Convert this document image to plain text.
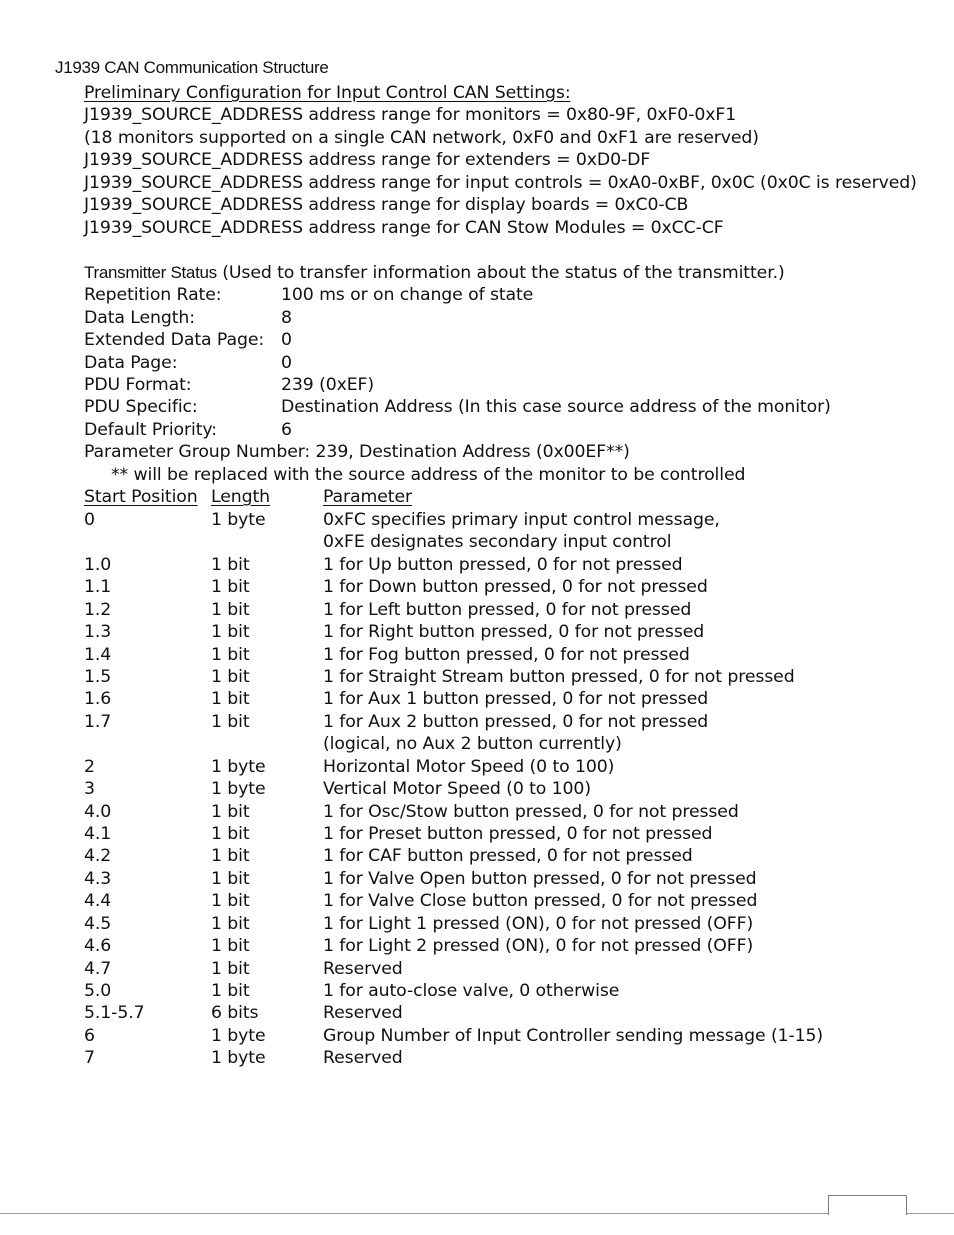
J1939 CAN Communication Structure
Preliminary Configuration for Input Control CAN Settings:
J1939_SOURCE_ADDRESS address range for monitors = 0x80-9F, 0xF0-0xF1
(18 monitors supported on a single CAN network, 0xF0 and 0xF1 are reserved)
J1939_SOURCE_ADDRESS address range for extenders = 0xD0-DF
J1939_SOURCE_ADDRESS address range for input controls = 0xA0-0xBF, 0x0C (0x0C is reserved)
J1939_SOURCE_ADDRESS address range for display boards = 0xC0-CB
J1939_SOURCE_ADDRESS address range for CAN Stow Modules = 0xCC-CF
Transmitter Status (Used to transfer information about the status of the transmitter.)
Repetition Rate:	100 ms or on change of state
Data Length:	8
Extended Data Page: 0
Data Page:	0
PDU Format:	239 (0xEF)
PDU Specific:	Destination Address (In this case source address of the monitor)
Default Priority:	6
Parameter Group Number: 239, Destination Address (0x00EF**)
** will be replaced with the source address of the monitor to be controlled
Start Position Length	Parameter
0	1 byte	0xFC specifies primary input control message,
0xFE designates secondary input control
1.0	1 bit	1 for Up button pressed, 0 for not pressed
1.1	1 bit	1 for Down button pressed, 0 for not pressed
1.2	1 bit	1 for Left button pressed, 0 for not pressed
1.3	1 bit	1 for Right button pressed, 0 for not pressed
1.4	1 bit	1 for Fog button pressed, 0 for not pressed
1.5	1 bit	1 for Straight Stream button pressed, 0 for not pressed
1.6	1 bit	1 for Aux 1 button pressed, 0 for not pressed
1.7	1 bit	1 for Aux 2 button pressed, 0 for not pressed
(logical, no Aux 2 button currently)
2	1 byte	Horizontal Motor Speed (0 to 100)
3	1 byte	Vertical Motor Speed (0 to 100)
4.0	1 bit	1 for Osc/Stow button pressed, 0 for not pressed
4.1	1 bit	1 for Preset button pressed, 0 for not pressed
4.2	1 bit	1 for CAF button pressed, 0 for not pressed
4.3	1 bit	1 for Valve Open button pressed, 0 for not pressed
4.4	1 bit	1 for Valve Close button pressed, 0 for not pressed
4.5	1 bit	1 for Light 1 pressed (ON), 0 for not pressed (OFF)
4.6	1 bit	1 for Light 2 pressed (ON), 0 for not pressed (OFF)
4.7	1 bit	Reserved
5.0	1 bit	1 for auto-close valve, 0 otherwise
5.1-5.7	6 bits	Reserved
6	1 byte	Group Number of Input Controller sending message (1-15)
7	1 byte	Reserved
